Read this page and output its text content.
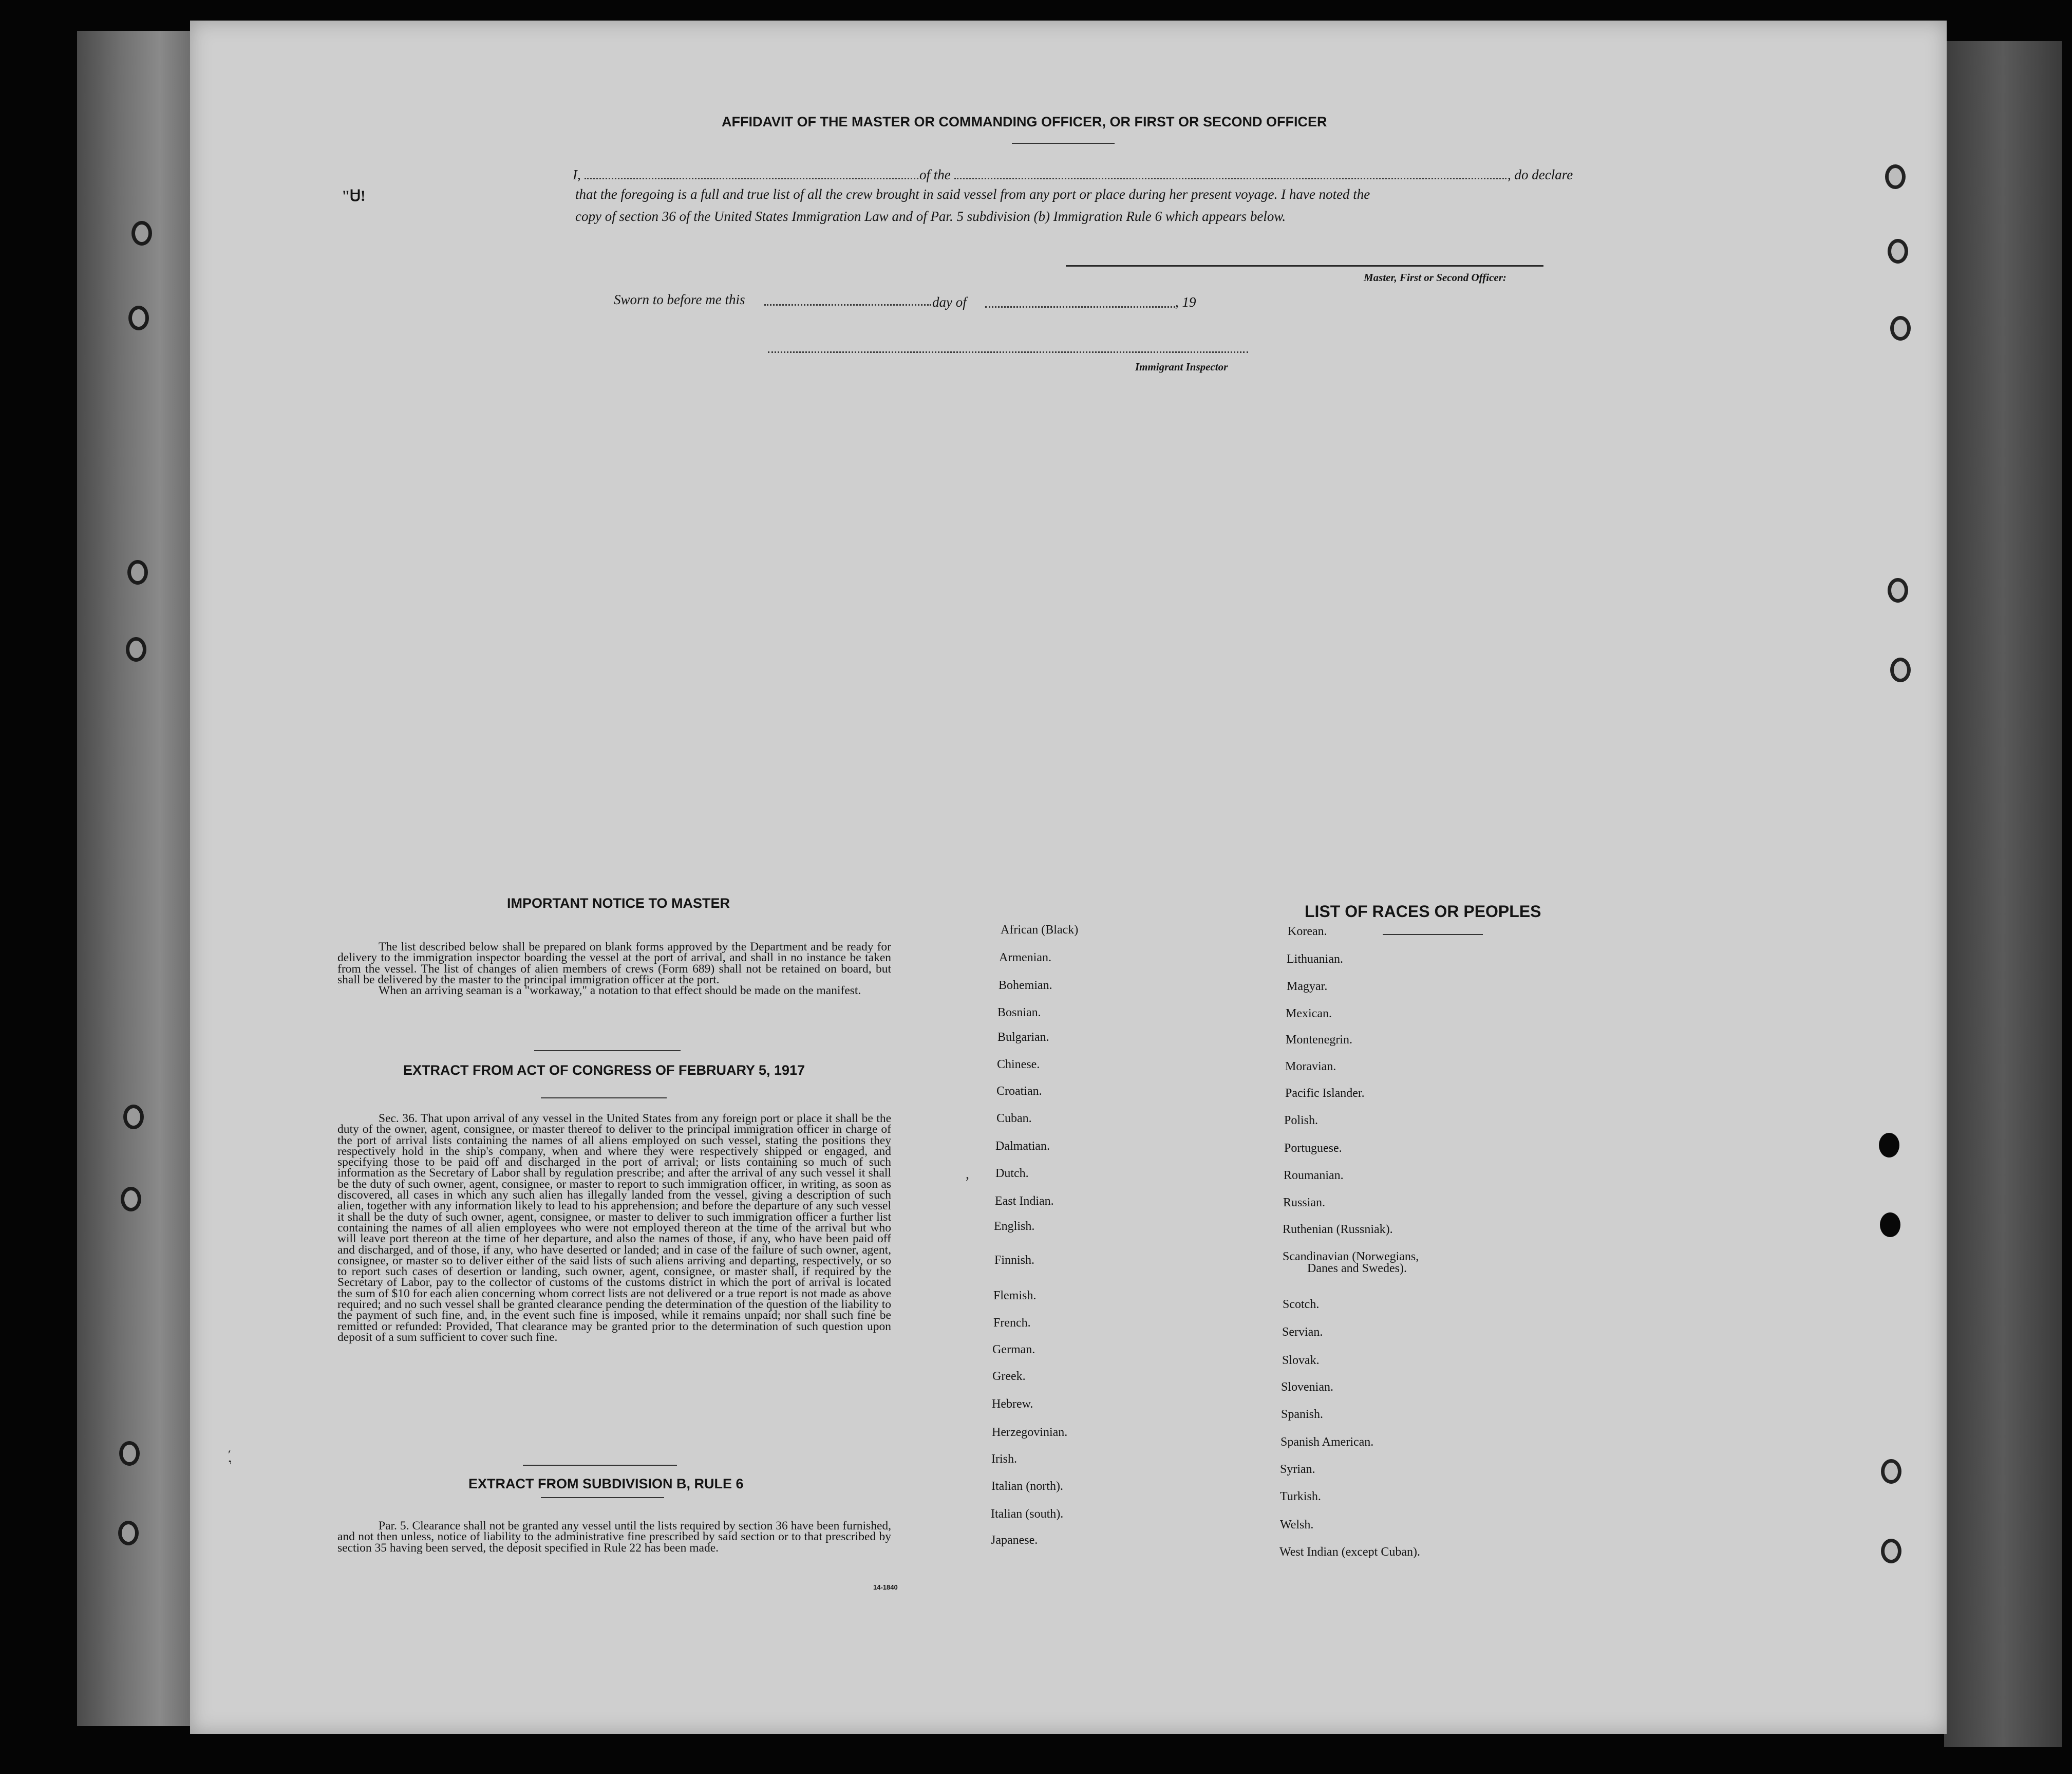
"Ꮜ!
AFFIDAVIT OF THE MASTER OR COMMANDING OFFICER, OR FIRST OR SECOND OFFICER
I,	of the	, do declare
that the foregoing is a full and true list of all the crew brought in said vessel from any port or place during her present voyage. I have noted the
copy of section 36 of the United States Immigration Law and of Par. 5 subdivision (b) Immigration Rule 6 which appears below.
Master, First or Second Officer:
Sworn to before me this	day of	, 19
Immigrant Inspector
IMPORTANT NOTICE TO MASTER

The list described below shall be prepared on blank forms approved by the Department and be ready for delivery to the immigration inspector boarding the vessel at the port of arrival, and shall in no instance be taken from the vessel. The list of changes of alien members of crews (Form 689) shall not be retained on board, but shall be delivered by the master to the principal immigration officer at the port.

When an arriving seaman is a "workaway," a notation to that effect should be made on the manifest.

EXTRACT FROM ACT OF CONGRESS OF FEBRUARY 5, 1917

Sec. 36. That upon arrival of any vessel in the United States from any foreign port or place it shall be the duty of the owner, agent, consignee, or master thereof to deliver to the principal immigration officer in charge of the port of arrival lists containing the names of all aliens employed on such vessel, stating the positions they respectively hold in the ship's company, when and where they were respectively shipped or engaged, and specifying those to be paid off and discharged in the port of arrival; or lists containing so much of such information as the Secretary of Labor shall by regulation prescribe; and after the arrival of any such vessel it shall be the duty of such owner, agent, consignee, or master to report to such immigration officer, in writing, as soon as discovered, all cases in which any such alien has illegally landed from the vessel, giving a description of such alien, together with any information likely to lead to his apprehension; and before the departure of any such vessel it shall be the duty of such owner, agent, consignee, or master to deliver to such immigration officer a further list containing the names of all alien employees who were not employed thereon at the time of the arrival but who will leave port thereon at the time of her departure, and also the names of those, if any, who have been paid off and discharged, and of those, if any, who have deserted or landed; and in case of the failure of such owner, agent, consignee, or master so to deliver either of the said lists of such aliens arriving and departing, respectively, or so to report such cases of desertion or landing, such owner, agent, consignee, or master shall, if required by the Secretary of Labor, pay to the collector of customs of the customs district in which the port of arrival is located the sum of $10 for each alien concerning whom correct lists are not delivered or a true report is not made as above required; and no such vessel shall be granted clearance pending the determination of the question of the liability to the payment of such fine, and, in the event such fine is imposed, while it remains unpaid; nor shall such fine be remitted or refunded: Provided, That clearance may be granted prior to the determination of such question upon deposit of a sum sufficient to cover such fine.

EXTRACT FROM SUBDIVISION B, RULE 6

Par. 5. Clearance shall not be granted any vessel until the lists required by section 36 have been furnished, and not then unless, notice of liability to the administrative fine prescribed by said section or to that prescribed by section 35 having been served, the deposit specified in Rule 22 has been made.

14-1840
,
,´
LIST OF RACES OR PEOPLES
African (Black)
Armenian.
Bohemian.
Bosnian.
Bulgarian.
Chinese.
Croatian.
Cuban.
Dalmatian.
Dutch.
East Indian.
English.
Finnish.
Flemish.
French.
German.
Greek.
Hebrew.
Herzegovinian.
Irish.
Italian (north).
Italian (south).
Japanese.
Korean.
Lithuanian.
Magyar.
Mexican.
Montenegrin.
Moravian.
Pacific Islander.
Polish.
Portuguese.
Roumanian.
Russian.
Ruthenian (Russniak).
Scandinavian (Norwegians,
Danes and Swedes).
Scotch.
Servian.
Slovak.
Slovenian.
Spanish.
Spanish American.
Syrian.
Turkish.
Welsh.
West Indian (except Cuban).
